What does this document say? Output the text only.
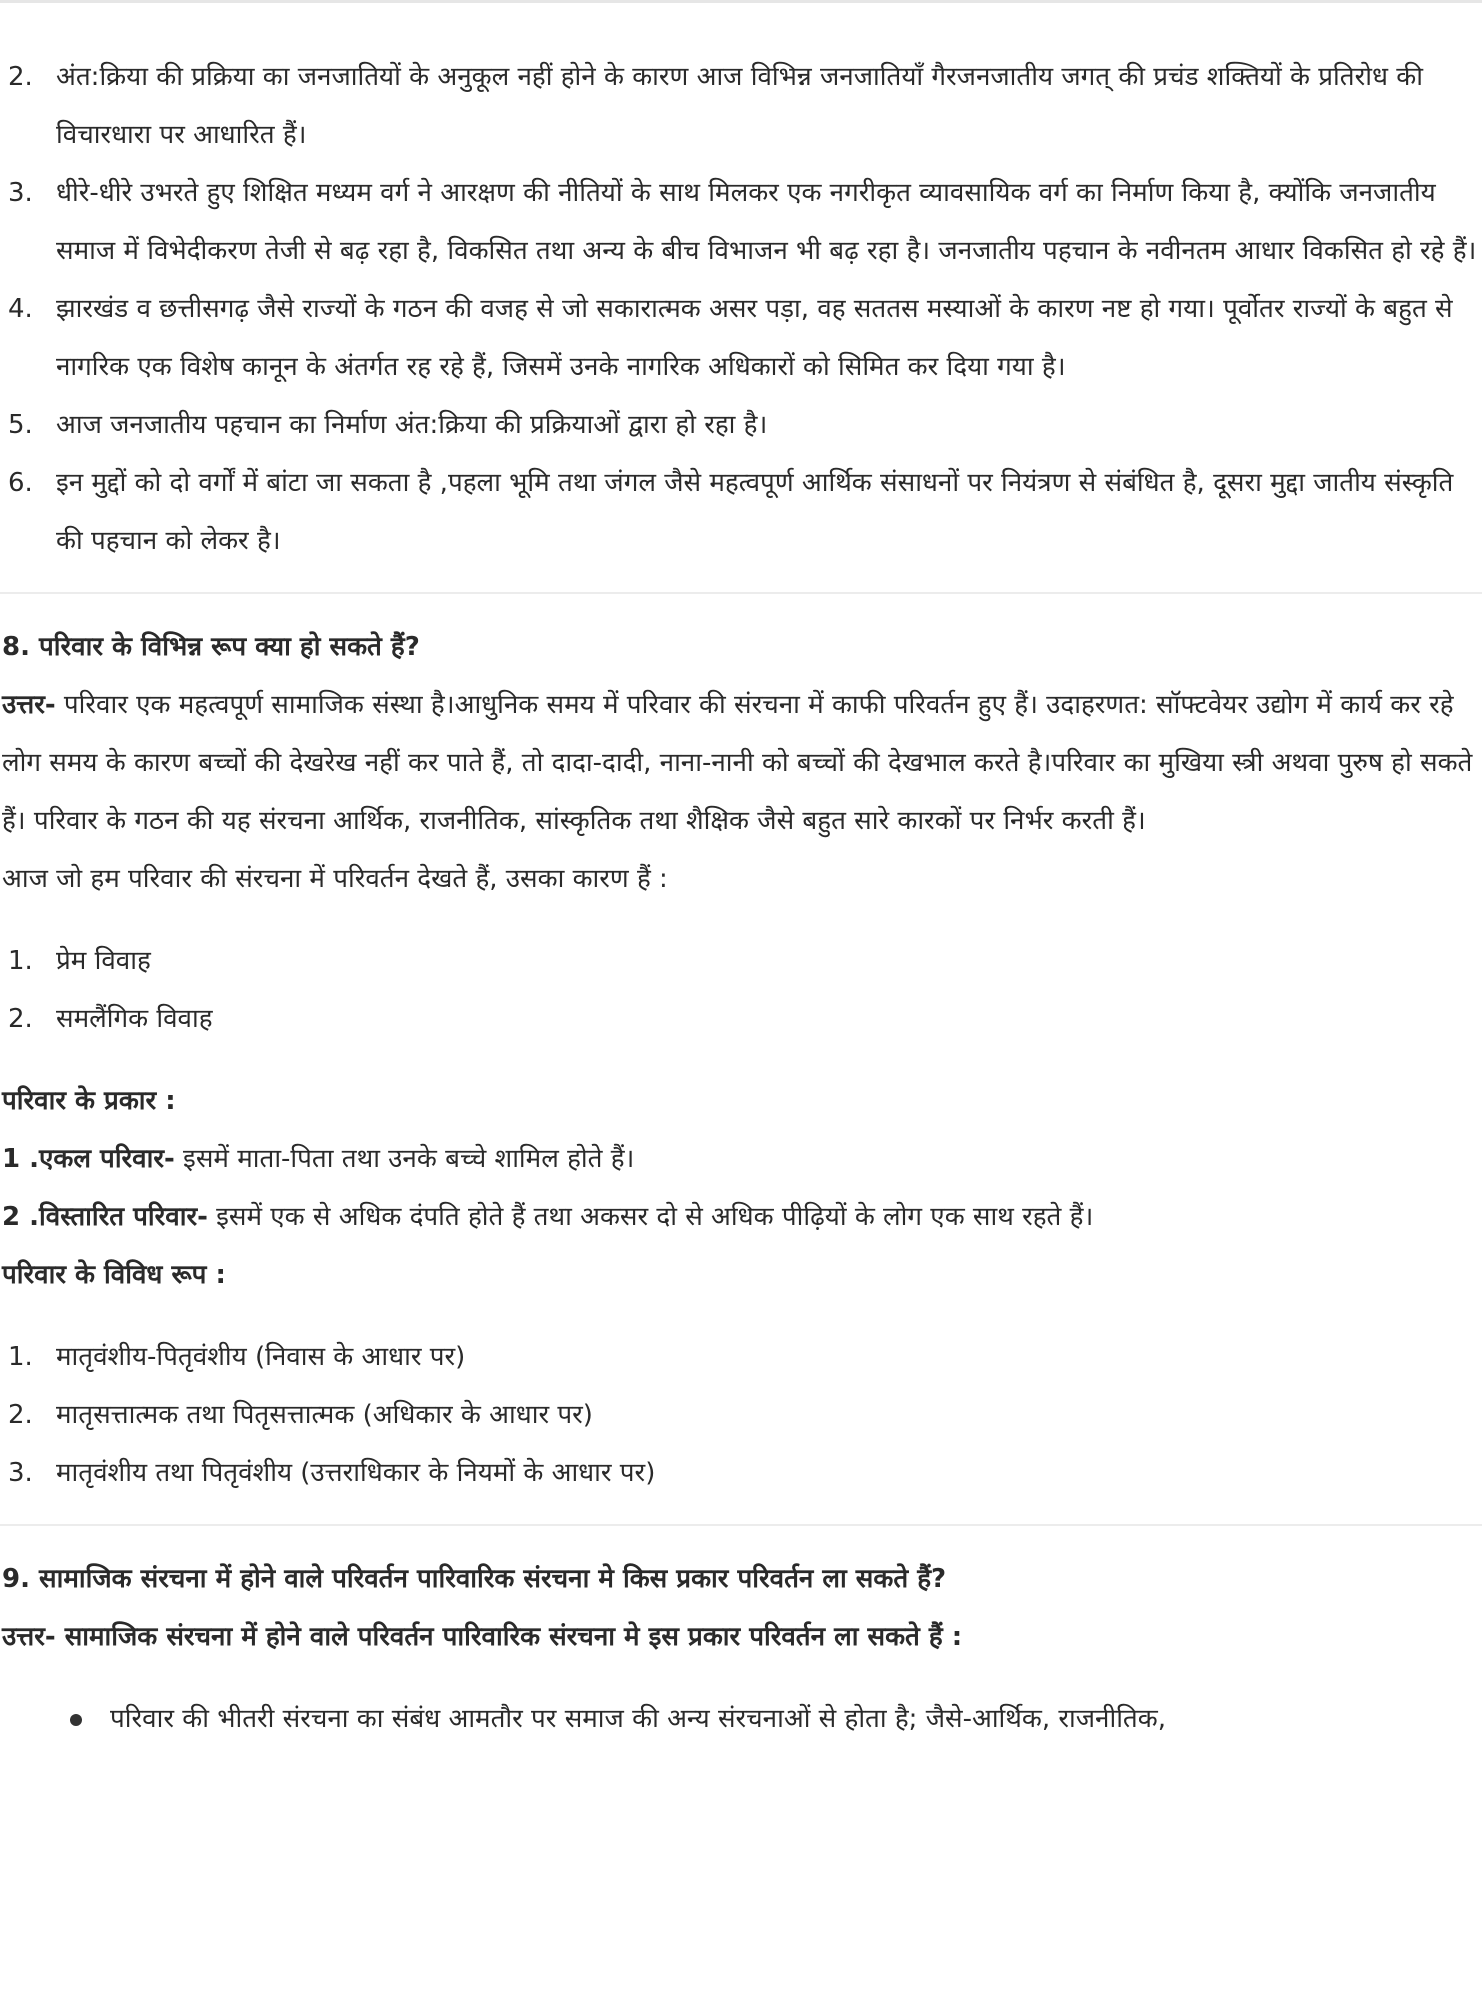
2. अंत:क्रिया की प्रक्रिया का जनजातियों के अनुकूल नहीं होने के कारण आज विभिन्न जनजातियाँ गैरजनजातीय जगत् की प्रचंड शक्तियों के प्रतिरोध की विचारधारा पर आधारित हैं।
3. धीरे-धीरे उभरते हुए शिक्षित मध्यम वर्ग ने आरक्षण की नीतियों के साथ मिलकर एक नगरीकृत व्यावसायिक वर्ग का निर्माण किया है, क्योंकि जनजातीय समाज में विभेदीकरण तेजी से बढ़ रहा है, विकसित तथा अन्य के बीच विभाजन भी बढ़ रहा है। जनजातीय पहचान के नवीनतम आधार विकसित हो रहे हैं।
4. झारखंड व छत्तीसगढ़ जैसे राज्यों के गठन की वजह से जो सकारात्मक असर पड़ा, वह सततस मस्याओं के कारण नष्ट हो गया। पूर्वोतर राज्यों के बहुत से नागरिक एक विशेष कानून के अंतर्गत रह रहे हैं, जिसमें उनके नागरिक अधिकारों को सिमित कर दिया गया है।
5. आज जनजातीय पहचान का निर्माण अंत:क्रिया की प्रक्रियाओं द्वारा हो रहा है।
6. इन मुद्दों को दो वर्गों में बांटा जा सकता है ,पहला भूमि तथा जंगल जैसे महत्वपूर्ण आर्थिक संसाधनों पर नियंत्रण से संबंधित है, दूसरा मुद्दा जातीय संस्कृति की पहचान को लेकर है।

8. परिवार के विभिन्न रूप क्या हो सकते हैं?

उत्तर- परिवार एक महत्वपूर्ण सामाजिक संस्था है।आधुनिक समय में परिवार की संरचना में काफी परिवर्तन हुए हैं। उदाहरणत: सॉफ्टवेयर उद्योग में कार्य कर रहे लोग समय के कारण बच्चों की देखरेख नहीं कर पाते हैं, तो दादा-दादी, नाना-नानी को बच्चों की देखभाल करते है।परिवार का मुखिया स्त्री अथवा पुरुष हो सकते हैं। परिवार के गठन की यह संरचना आर्थिक, राजनीतिक, सांस्कृतिक तथा शैक्षिक जैसे बहुत सारे कारकों पर निर्भर करती हैं।

आज जो हम परिवार की संरचना में परिवर्तन देखते हैं, उसका कारण हैं :

1. प्रेम विवाह
2. समलैंगिक विवाह

परिवार के प्रकार :

1 .एकल परिवार- इसमें माता-पिता तथा उनके बच्चे शामिल होते हैं।

2 .विस्तारित परिवार- इसमें एक से अधिक दंपति होते हैं तथा अकसर दो से अधिक पीढ़ियों के लोग एक साथ रहते हैं।

परिवार के विविध रूप :

1. मातृवंशीय-पितृवंशीय (निवास के आधार पर)
2. मातृसत्तात्मक तथा पितृसत्तात्मक (अधिकार के आधार पर)
3. मातृवंशीय तथा पितृवंशीय (उत्तराधिकार के नियमों के आधार पर)

9. सामाजिक संरचना में होने वाले परिवर्तन पारिवारिक संरचना मे किस प्रकार परिवर्तन ला सकते हैं?

उत्तर- सामाजिक संरचना में होने वाले परिवर्तन पारिवारिक संरचना मे इस प्रकार परिवर्तन ला सकते हैं :

परिवार की भीतरी संरचना का संबंध आमतौर पर समाज की अन्य संरचनाओं से होता है; जैसे-आर्थिक, राजनीतिक,
